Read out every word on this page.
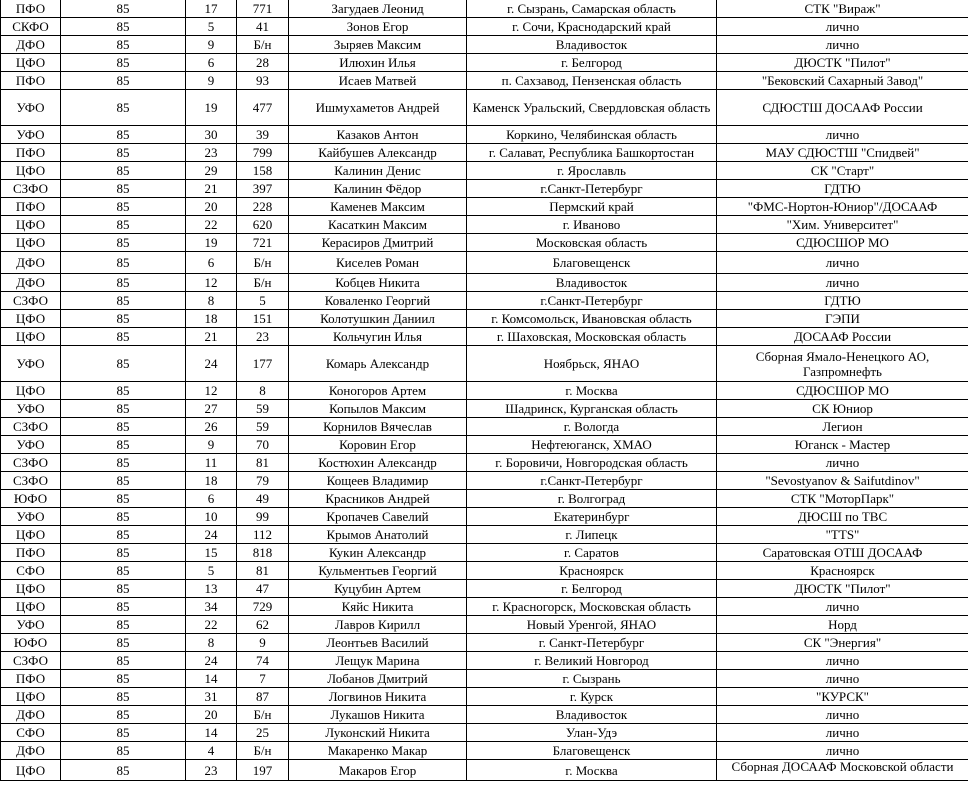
ПФО	85	17	771	Загудаев Леонид	г. Сызрань, Самарская область	СТК "Вираж"
СКФО	85	5	41	Зонов Егор	г. Сочи, Краснодарский край	лично
ДФО	85	9	Б/н	Зыряев Максим	Владивосток	лично
ЦФО	85	6	28	Илюхин Илья	г. Белгород	ДЮСТК "Пилот"
ПФО	85	9	93	Исаев Матвей	п. Сахзавод, Пензенская область	"Бековский Сахарный Завод"
УФО	85	19	477	Ишмухаметов Андрей	Каменск Уральский, Свердловская область	СДЮСТШ ДОСААФ России
УФО	85	30	39	Казаков Антон	Коркино, Челябинская область	лично
ПФО	85	23	799	Кайбушев Александр	г. Салават, Республика Башкортостан	МАУ СДЮСТШ "Спидвей"
ЦФО	85	29	158	Калинин Денис	г. Ярославль	СК "Старт"
СЗФО	85	21	397	Калинин Фёдор	г.Санкт-Петербург	ГДТЮ
ПФО	85	20	228	Каменев Максим	Пермский край	"ФМС-Нортон-Юниор"/ДОСААФ
ЦФО	85	22	620	Касаткин Максим	г. Иваново	"Хим. Университет"
ЦФО	85	19	721	Керасиров Дмитрий	Московская область	СДЮСШОР МО
ДФО	85	6	Б/н	Киселев Роман	Благовещенск	лично
ДФО	85	12	Б/н	Кобцев Никита	Владивосток	лично
СЗФО	85	8	5	Коваленко Георгий	г.Санкт-Петербург	ГДТЮ
ЦФО	85	18	151	Колотушкин Даниил	г. Комсомольск, Ивановская область	ГЭПИ
ЦФО	85	21	23	Кольчугин Илья	г. Шаховская, Московская область	ДОСААФ России
УФО	85	24	177	Комарь Александр	Ноябрьск, ЯНАО	Сборная Ямало-Ненецкого АО, Газпромнефть
ЦФО	85	12	8	Коногоров Артем	г. Москва	СДЮСШОР МО
УФО	85	27	59	Копылов Максим	Шадринск, Курганская область	СК Юниор
СЗФО	85	26	59	Корнилов Вячеслав	г. Вологда	Легион
УФО	85	9	70	Коровин Егор	Нефтеюганск, ХМАО	Юганск - Мастер
СЗФО	85	11	81	Костюхин Александр	г. Боровичи, Новгородская область	лично
СЗФО	85	18	79	Кощеев Владимир	г.Санкт-Петербург	"Sevostyanov & Saifutdinov"
ЮФО	85	6	49	Красников Андрей	г. Волгоград	СТК "МоторПарк"
УФО	85	10	99	Кропачев Савелий	Екатеринбург	ДЮСШ по ТВС
ЦФО	85	24	112	Крымов Анатолий	г. Липецк	"TTS"
ПФО	85	15	818	Кукин Александр	г. Саратов	Саратовская ОТШ ДОСААФ
СФО	85	5	81	Кульментьев Георгий	Красноярск	Красноярск
ЦФО	85	13	47	Куцубин Артем	г. Белгород	ДЮСТК "Пилот"
ЦФО	85	34	729	Кяйс Никита	г. Красногорск, Московская область	лично
УФО	85	22	62	Лавров Кирилл	Новый Уренгой, ЯНАО	Норд
ЮФО	85	8	9	Леонтьев Василий	г. Санкт-Петербург	СК "Энергия"
СЗФО	85	24	74	Лещук Марина	г. Великий Новгород	лично
ПФО	85	14	7	Лобанов Дмитрий	г. Сызрань	лично
ЦФО	85	31	87	Логвинов Никита	г. Курск	"КУРСК"
ДФО	85	20	Б/н	Лукашов Никита	Владивосток	лично
СФО	85	14	25	Луконский Никита	Улан-Удэ	лично
ДФО	85	4	Б/н	Макаренко Макар	Благовещенск	лично
ЦФО	85	23	197	Макаров Егор	г. Москва	Сборная ДОСААФ Московской области
